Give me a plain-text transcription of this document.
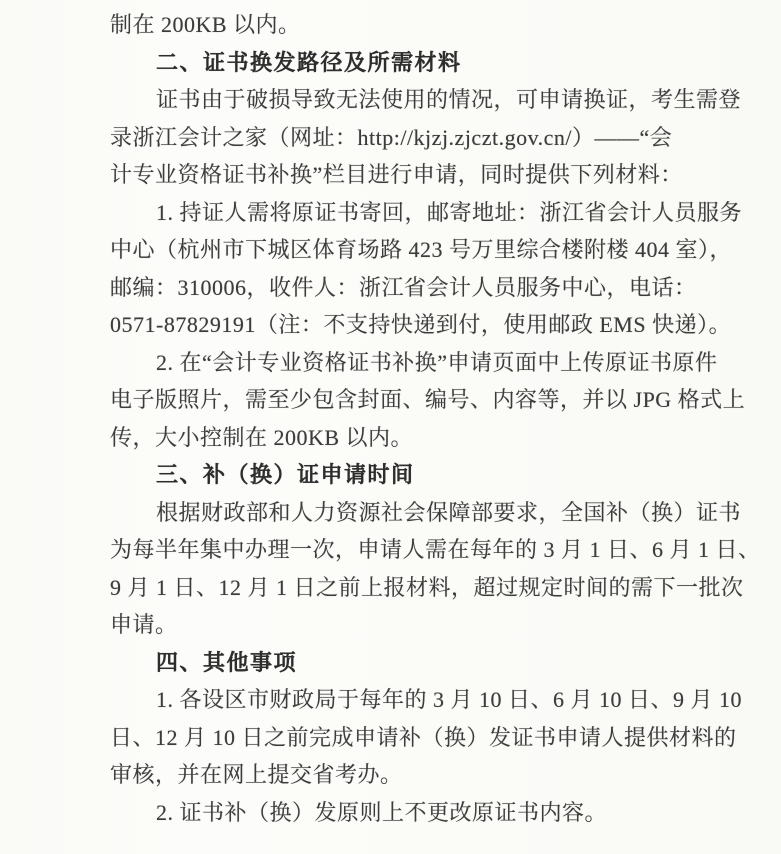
制在 200KB 以内。
二、证书换发路径及所需材料
证书由于破损导致无法使用的情况，可申请换证，考生需登
录浙江会计之家（网址：http://kjzj.zjczt.gov.cn/）——“会
计专业资格证书补换”栏目进行申请，同时提供下列材料：
1. 持证人需将原证书寄回，邮寄地址：浙江省会计人员服务
中心（杭州市下城区体育场路 423 号万里综合楼附楼 404 室），
邮编：310006，收件人：浙江省会计人员服务中心，电话：
0571-87829191（注：不支持快递到付，使用邮政 EMS 快递）。
2. 在“会计专业资格证书补换”申请页面中上传原证书原件
电子版照片，需至少包含封面、编号、内容等，并以 JPG 格式上
传，大小控制在 200KB 以内。
三、补（换）证申请时间
根据财政部和人力资源社会保障部要求，全国补（换）证书
为每半年集中办理一次，申请人需在每年的 3 月 1 日、6 月 1 日、
9 月 1 日、12 月 1 日之前上报材料，超过规定时间的需下一批次
申请。
四、其他事项
1. 各设区市财政局于每年的 3 月 10 日、6 月 10 日、9 月 10
日、12 月 10 日之前完成申请补（换）发证书申请人提供材料的
审核，并在网上提交省考办。
2. 证书补（换）发原则上不更改原证书内容。
